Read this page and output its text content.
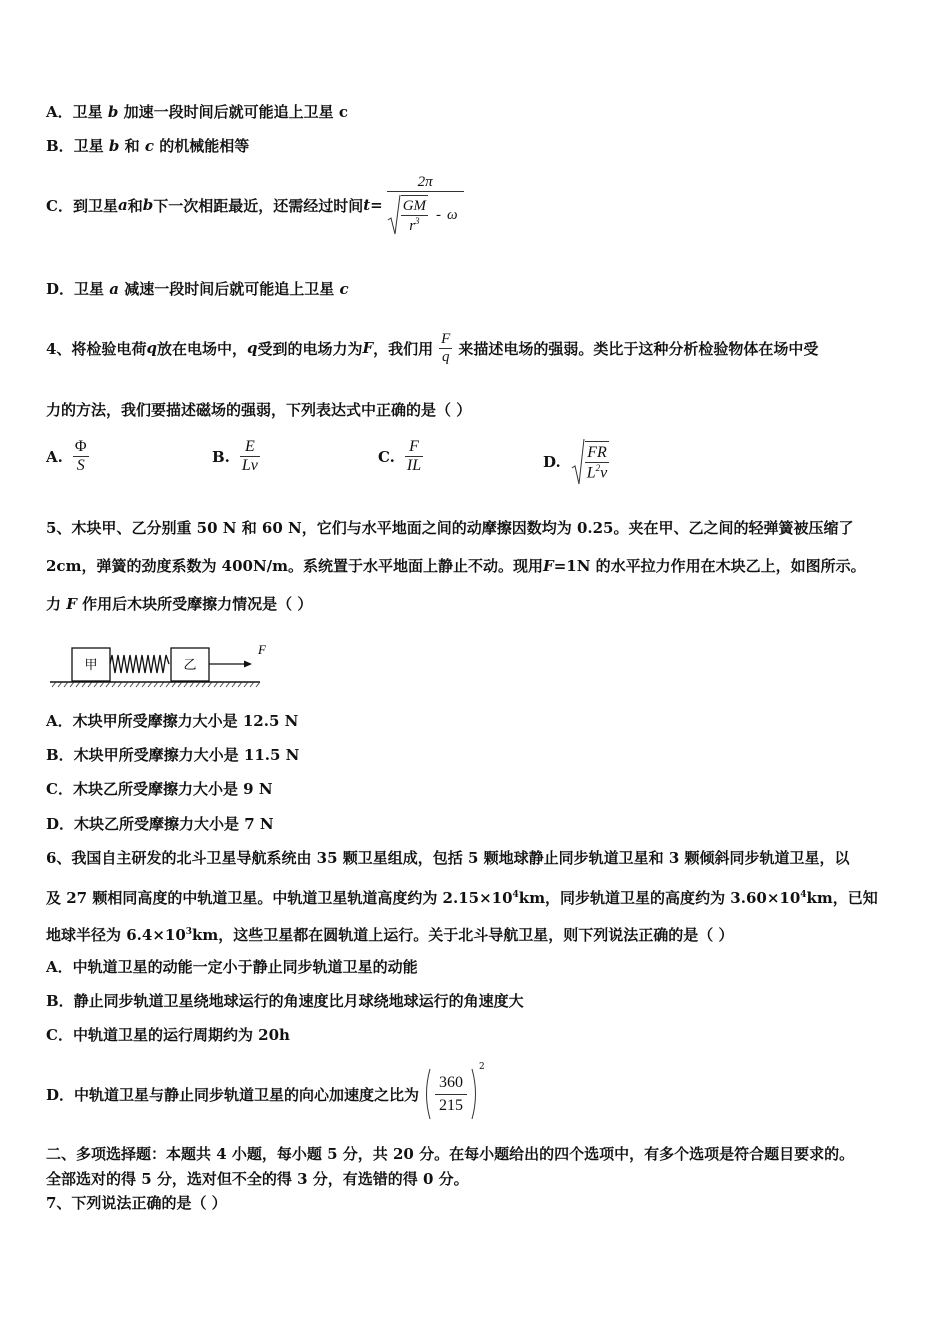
A．卫星 b 加速一段时间后就可能追上卫星 c
B．卫星 b 和 c 的机械能相等
C．到卫星 a 和 b 下一次相距最近，还需经过时间 $t= \frac{2\pi}{\frac{GM}{r^3} - \omega}$
D．卫星 a 减速一段时间后就可能追上卫星 c
4、将检验电荷 q 放在电场中， q 受到的电场力为 F ，我们用 $\frac{F}{q}$ 来描述电场的强弱。类比于这种分析检验物体在场中受
力的方法，我们要描述磁场的强弱，下列表达式中正确的是（ ）
A. $\frac{\Phi}{S}$	B. $\frac{E}{Lv}$	C. $\frac{F}{IL}$	D. $\frac{FR}{L^2v}$
5、木块甲、乙分别重 50 N 和 60 N，它们与水平地面之间的动摩擦因数均为 0.25。夹在甲、乙之间的轻弹簧被压缩了
2cm，弹簧的劲度系数为 400N/m。系统置于水平地面上静止不动。现用F=1N 的水平拉力作用在木块乙上，如图所示。
力 F 作用后木块所受摩擦力情况是（ ）
甲	乙
F
A．木块甲所受摩擦力大小是 12.5 N
B．木块甲所受摩擦力大小是 11.5 N
C．木块乙所受摩擦力大小是 9 N
D．木块乙所受摩擦力大小是 7 N
6、我国自主研发的北斗卫星导航系统由 35 颗卫星组成，包括 5 颗地球静止同步轨道卫星和 3 颗倾斜同步轨道卫星，以
及 27 颗相同高度的中轨道卫星。中轨道卫星轨道高度约为 $2.15\times 10^4km$，同步轨道卫星的高度约为 $3.60\times 10^4km$，已知
地球半径为 $6.4\times 10^3km$，这些卫星都在圆轨道上运行。关于北斗导航卫星，则下列说法正确的是（ ）
A．中轨道卫星的动能一定小于静止同步轨道卫星的动能
B．静止同步轨道卫星绕地球运行的角速度比月球绕地球运行的角速度大
C．中轨道卫星的运行周期约为 20h
D．中轨道卫星与静止同步轨道卫星的向心加速度之比为 $\frac{360}{215}$
$^2$
二、多项选择题：本题共 4 小题，每小题 5 分，共 20 分。在每小题给出的四个选项中，有多个选项是符合题目要求的。
全部选对的得 5 分，选对但不全的得 3 分，有选错的得 0 分。
7、下列说法正确的是（ ）
